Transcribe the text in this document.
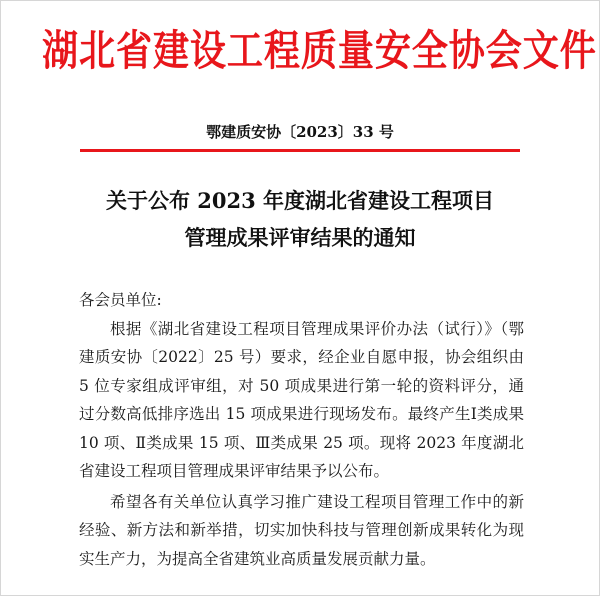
湖北省建设工程质量安全协会文件
鄂建质安协〔2023〕33 号
关于公布 2023 年度湖北省建设工程项目
管理成果评审结果的通知

各会员单位:

根据《湖北省建设工程项目管理成果评价办法（试行）》（鄂建质安协〔2022〕25 号）要求，经企业自愿申报，协会组织由 5 位专家组成评审组，对 50 项成果进行第一轮的资料评分，通过分数高低排序选出 15 项成果进行现场发布。最终产生Ⅰ类成果 10 项、Ⅱ类成果 15 项、Ⅲ类成果 25 项。现将 2023 年度湖北省建设工程项目管理成果评审结果予以公布。

希望各有关单位认真学习推广建设工程项目管理工作中的新经验、新方法和新举措，切实加快科技与管理创新成果转化为现实生产力，为提高全省建筑业高质量发展贡献力量。
